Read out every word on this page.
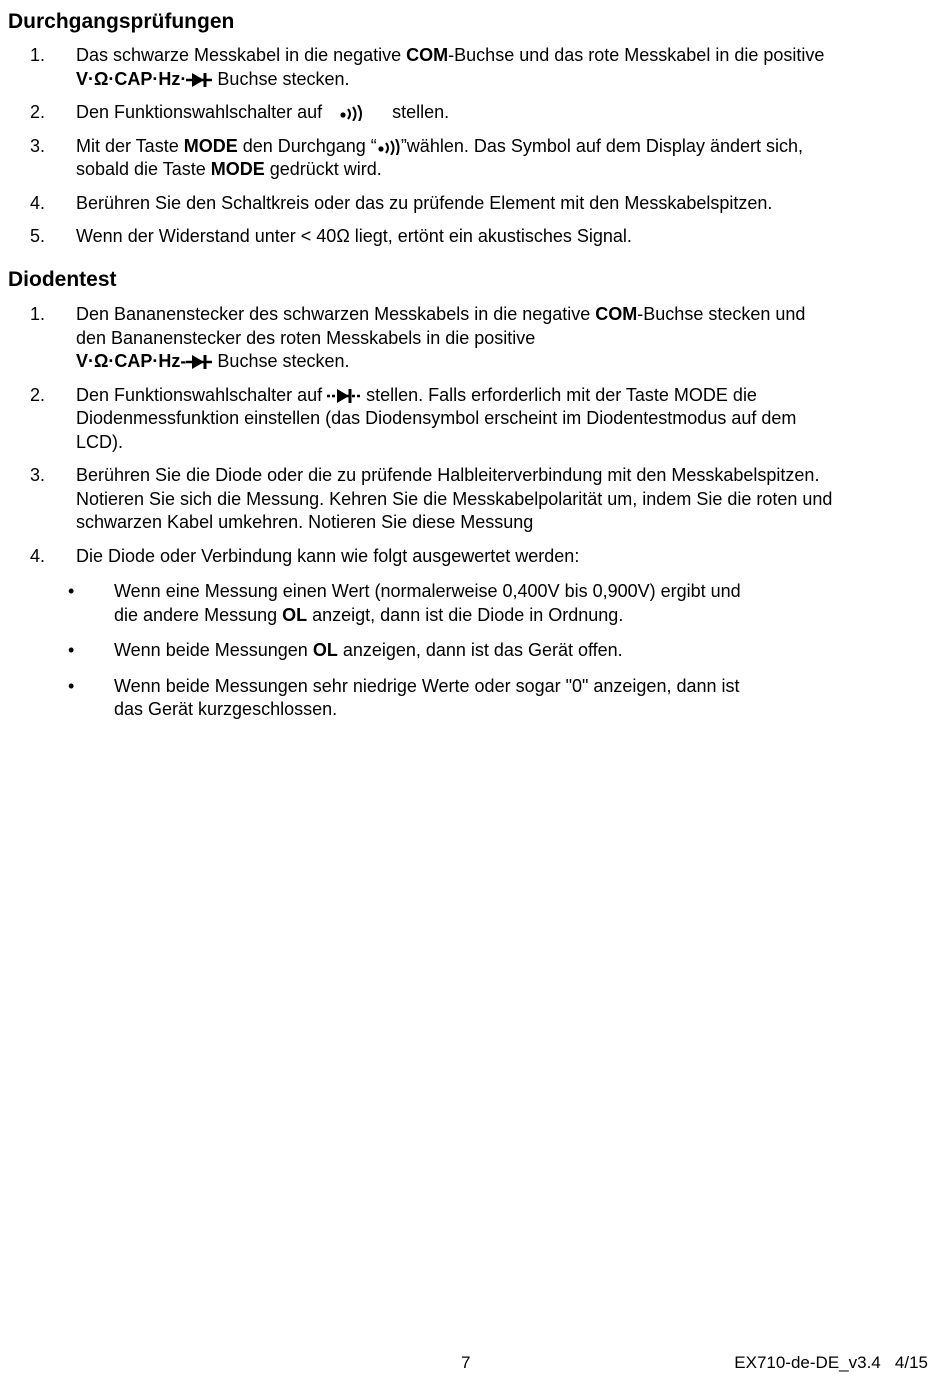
Durchgangsprüfungen
1. Das schwarze Messkabel in die negative COM-Buchse und das rote Messkabel in die positive
V·Ω·CAP·Hz· Buchse stecken.
2. Den Funktionswahlschalter auf	stellen.
3. Mit der Taste MODE den Durchgang “ ”wählen. Das Symbol auf dem Display ändert sich,
sobald die Taste MODE gedrückt wird.
4. Berühren Sie den Schaltkreis oder das zu prüfende Element mit den Messkabelspitzen.
5. Wenn der Widerstand unter < 40Ω liegt, ertönt ein akustisches Signal.
Diodentest
1. Den Bananenstecker des schwarzen Messkabels in die negative COM-Buchse stecken und
den Bananenstecker des roten Messkabels in die positive
V·Ω·CAP·Hz- Buchse stecken.
2. Den Funktionswahlschalter auf  stellen. Falls erforderlich mit der Taste MODE die
Diodenmessfunktion einstellen (das Diodensymbol erscheint im Diodentestmodus auf dem
LCD).
3. Berühren Sie die Diode oder die zu prüfende Halbleiterverbindung mit den Messkabelspitzen.
Notieren Sie sich die Messung. Kehren Sie die Messkabelpolarität um, indem Sie die roten und
schwarzen Kabel umkehren. Notieren Sie diese Messung
4. Die Diode oder Verbindung kann wie folgt ausgewertet werden:
• Wenn eine Messung einen Wert (normalerweise 0,400V bis 0,900V) ergibt und
die andere Messung OL anzeigt, dann ist die Diode in Ordnung.
• Wenn beide Messungen OL anzeigen, dann ist das Gerät offen.
• Wenn beide Messungen sehr niedrige Werte oder sogar "0" anzeigen, dann ist
das Gerät kurzgeschlossen.
7	EX710-de-DE_v3.4   4/15
